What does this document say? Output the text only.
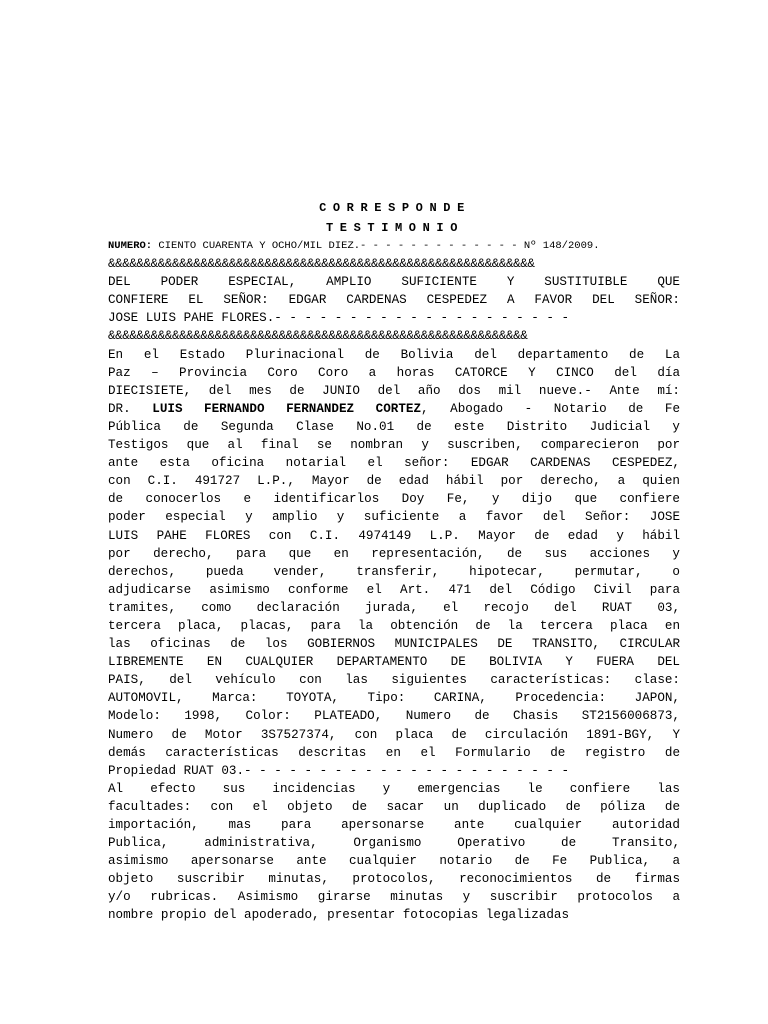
CORRESPONDE
TESTIMONIO
NUMERO: CIENTO CUARENTA Y OCHO/MIL DIEZ.- - - - - - - - - - - - - Nº 148/2009.
&&&&&&&&&&&&&&&&&&&&&&&&&&&&&&&&&&&&&&&&&&&&&&&&&&&&&&&&&&&&
DEL PODER ESPECIAL, AMPLIO SUFICIENTE Y SUSTITUIBLE QUE
CONFIERE EL SEÑOR: EDGAR CARDENAS CESPEDEZ A FAVOR DEL SEÑOR:
JOSE LUIS PAHE FLORES.- - - - - - - - - - - - - - - - - - - -
&&&&&&&&&&&&&&&&&&&&&&&&&&&&&&&&&&&&&&&&&&&&&&&&&&&&&&&&&&&
En el Estado Plurinacional de Bolivia del departamento de La
Paz – Provincia Coro Coro a horas CATORCE Y CINCO del día
DIECISIETE, del mes de JUNIO del año dos mil nueve.- Ante mí:
DR. LUIS FERNANDO FERNANDEZ CORTEZ, Abogado - Notario de Fe
Pública de Segunda Clase No.01 de este Distrito Judicial y
Testigos que al final se nombran y suscriben, comparecieron por
ante esta oficina notarial el señor: EDGAR CARDENAS CESPEDEZ,
con C.I. 491727 L.P., Mayor de edad hábil por derecho, a quien
de conocerlos e identificarlos Doy Fe, y dijo que confiere
poder especial y amplio y suficiente a favor del Señor: JOSE
LUIS PAHE FLORES con C.I. 4974149 L.P. Mayor de edad y hábil
por derecho, para que en representación, de sus acciones y
derechos, pueda vender, transferir, hipotecar, permutar, o
adjudicarse asimismo conforme el Art. 471 del Código Civil para
tramites, como declaración jurada, el recojo del RUAT 03,
tercera placa, placas, para la obtención de la tercera placa en
las oficinas de los GOBIERNOS MUNICIPALES DE TRANSITO, CIRCULAR
LIBREMENTE EN CUALQUIER DEPARTAMENTO DE BOLIVIA Y FUERA DEL
PAIS, del vehículo con las siguientes características: clase:
AUTOMOVIL, Marca: TOYOTA, Tipo: CARINA, Procedencia: JAPON,
Modelo: 1998, Color: PLATEADO, Numero de Chasis ST2156006873,
Numero de Motor 3S7527374, con placa de circulación 1891-BGY, Y
demás características descritas en el Formulario de registro de
Propiedad RUAT 03.- - - - - - - - - - - - - - - - - - - - - -
Al efecto sus incidencias y emergencias le confiere las
facultades: con el objeto de sacar un duplicado de póliza de
importación, mas para apersonarse ante cualquier autoridad
Publica, administrativa, Organismo Operativo de Transito,
asimismo apersonarse ante cualquier notario de Fe Publica, a
objeto suscribir minutas, protocolos, reconocimientos de firmas
y/o rubricas. Asimismo girarse minutas y suscribir protocolos a
nombre propio del apoderado, presentar fotocopias legalizadas
